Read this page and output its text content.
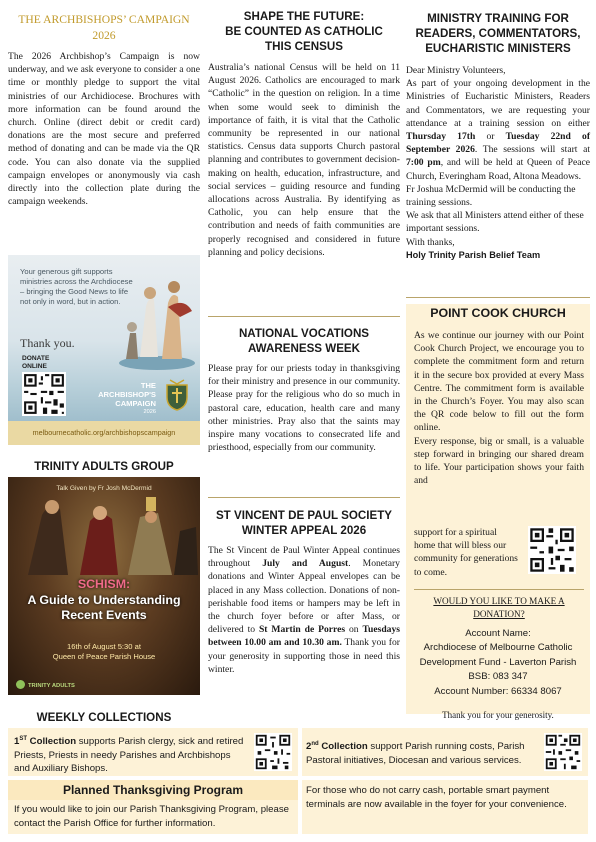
THE ARCHBISHOPS’ CAMPAIGN
2026
The 2026 Archbishop’s Campaign is now underway, and we ask everyone to consider a one time or monthly pledge to support the vital ministries of our Archidiocese. Brochures with more information can be found around the church. Online (direct debit or credit card) donations are the most secure and preferred method of donating and can be made via the QR code. You can also donate via the supplied campaign envelopes or anonymously via cash directly into the collection plate during the campaign weekends.
Your generous gift supports ministries across the Archdiocese – bringing the Good News to life not only in word, but in action.
Thank you.
DONATE
ONLINE
THE
ARCHBISHOP'S
CAMPAIGN
2026
melbournecatholic.org/archbishopscampaign
TRINITY ADULTS GROUP
Talk Given by Fr Josh McDermid
SCHISM:
A Guide to Understanding
Recent Events
16th of August 5:30 at
Queen of Peace Parish House
TRINITY ADULTS
SHAPE THE FUTURE:
BE COUNTED AS CATHOLIC
THIS CENSUS
Australia’s national Census will be held on 11 August 2026. Catholics are encouraged to mark “Catholic” in the question on religion. In a time when some would seek to diminish the importance of faith, it is vital that the Catholic community be represented in our national statistics. Census data supports Church pastoral planning and contributes to government decision-making on health, education, infrastructure, and social services – guiding resource and funding allocations across Australia. By identifying as Catholic, you can help ensure that the contribution and needs of faith communities are properly recognised and considered in future planning and policy decisions.
NATIONAL VOCATIONS
AWARENESS WEEK
Please pray for our priests today in thanksgiving for their ministry and presence in our community. Please pray for the religious who do so much in pastoral care, education, health care and many other ministries. Pray also that the saints may inspire many vocations to consecrated life and priesthood, especially from our community.
ST VINCENT DE PAUL SOCIETY
WINTER APPEAL 2026
The St Vincent de Paul Winter Appeal continues throughout July and August. Monetary donations and Winter Appeal envelopes can be placed in any Mass collection. Donations of non-perishable food items or hampers may be left in the church foyer before or after Mass, or delivered to St Martin de Porres on Tuesdays between 10.00 am and 10.30 am. Thank you for your generosity in supporting those in need this winter.
MINISTRY TRAINING FOR
READERS, COMMENTATORS,
EUCHARISTIC MINISTERS

Dear Ministry Volunteers,

As part of your ongoing development in the Ministries of Eucharistic Ministers, Readers and Commentators, we are requesting your attendance at a training session on either Thursday 17th or Tuesday 22nd of September 2026. The sessions will start at 7:00 pm, and will be held at Queen of Peace Church, Everingham Road, Altona Meadows.

Fr Joshua McDermid will be conducting the training sessions.

We ask that all Ministers attend either of these important sessions.

With thanks,

Holy Trinity Parish Belief Team

POINT COOK CHURCH

As we continue our journey with our Point Cook Church Project, we encourage you to complete the commitment form and return it in the secure box provided at every Mass Centre. The commitment form is available in the Church’s Foyer. You may also scan the QR code below to fill out the form online.

Every response, big or small, is a valuable step forward in bringing our shared dream to life. Your participation shows your faith and

support for a spiritual home that will bless our community for generations to come.
WOULD YOU LIKE TO MAKE A DONATION?
Account Name:
Archdiocese of Melbourne Catholic
Development Fund - Laverton Parish
BSB: 083 347
Account Number: 66334 8067
Thank you for your generosity.
WEEKLY COLLECTIONS
1ST Collection supports Parish clergy, sick and retired Priests, Priests in needy Parishes and Archbishops and Auxiliary Bishops.
2nd Collection support Parish running costs, Parish Pastoral initiatives, Diocesan and various services.
Planned Thanksgiving Program
If you would like to join our Parish Thanksgiving Program, please contact the Parish Office for further information.
For those who do not carry cash, portable smart payment terminals are now available in the foyer for your convenience.
